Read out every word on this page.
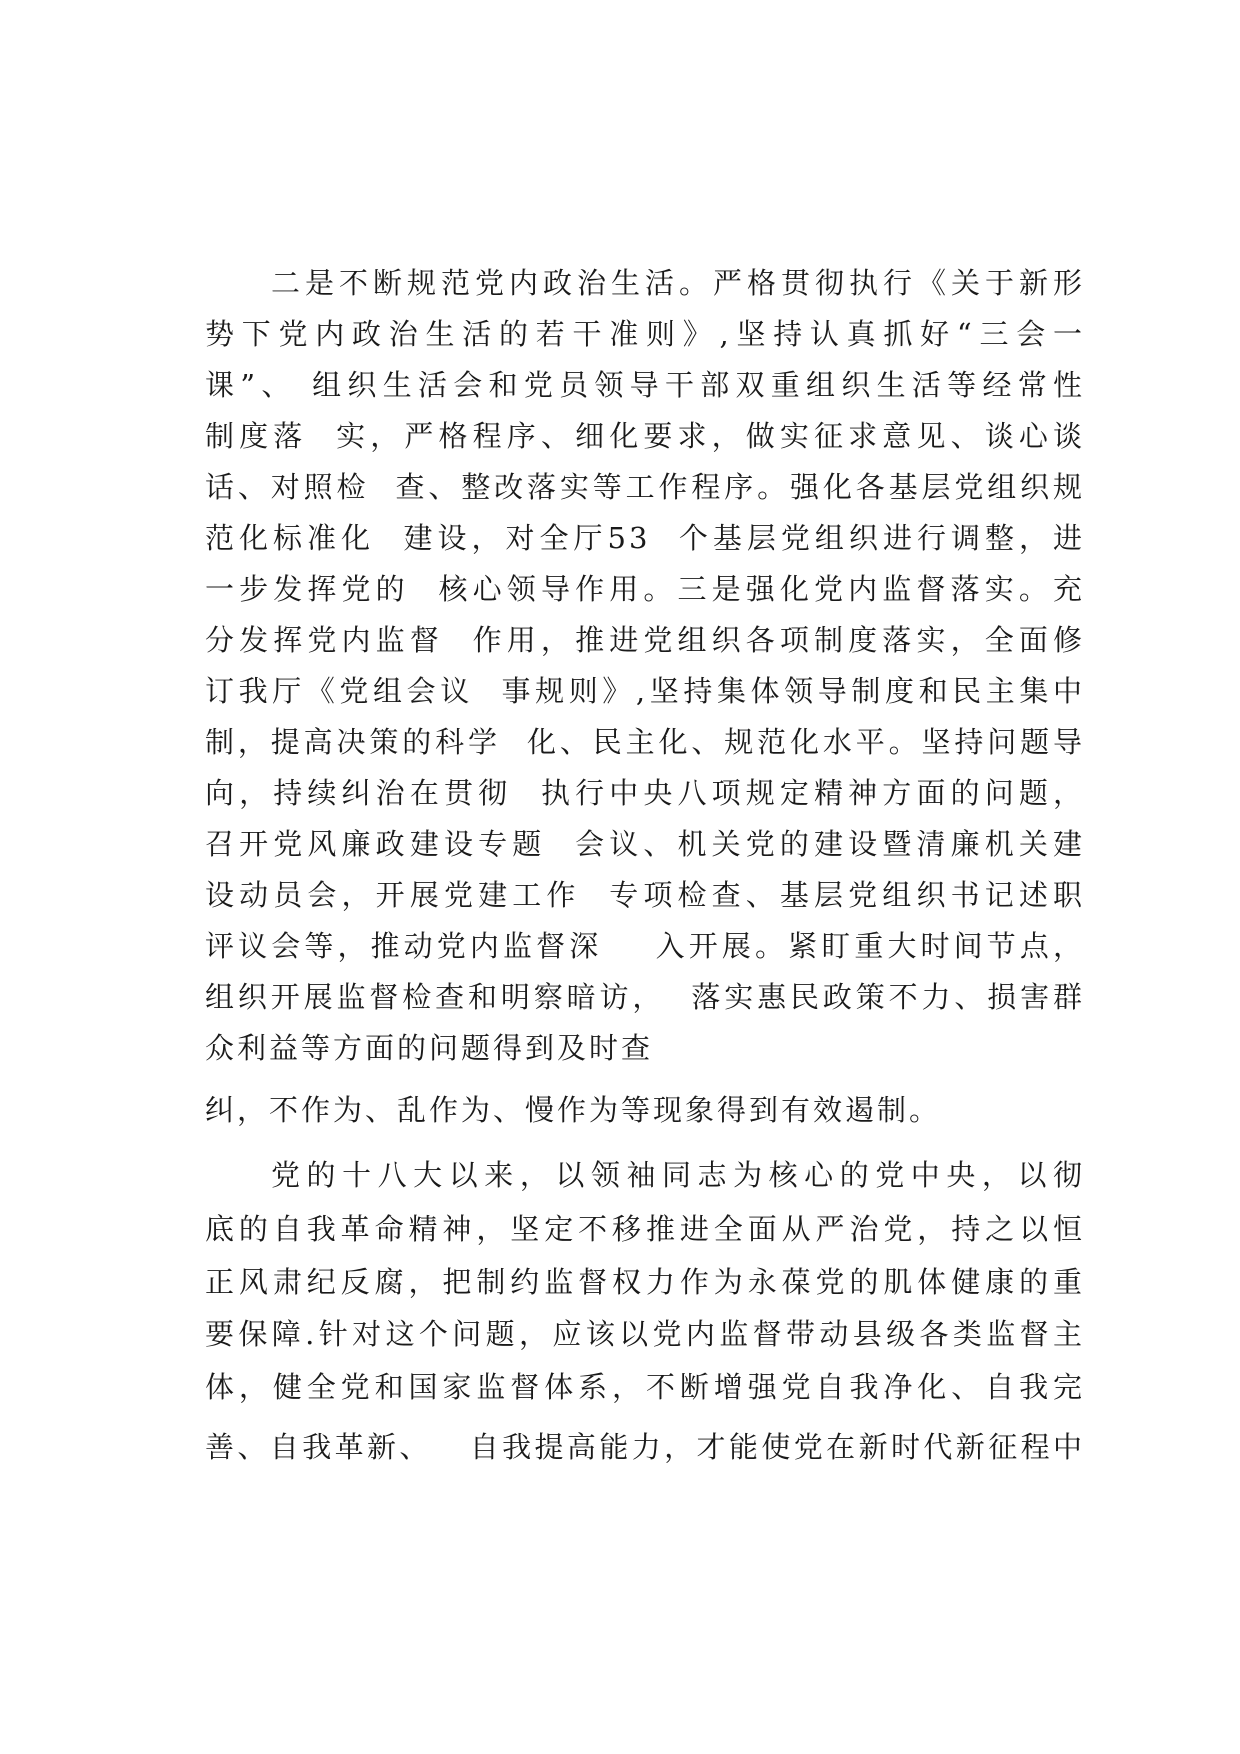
二是不断规范党内政治生活。严格贯彻执行《关于新形
势下党内政治生活的若干准则》,坚持认真抓好“三会一
课”、 组织生活会和党员领导干部双重组织生活等经常性
制度落  实，严格程序、细化要求，做实征求意见、谈心谈
话、对照检  查、整改落实等工作程序。强化各基层党组织规
范化标准化  建设，对全厅53  个基层党组织进行调整，进
一步发挥党的  核心领导作用。三是强化党内监督落实。充
分发挥党内监督  作用，推进党组织各项制度落实，全面修
订我厅《党组会议  事规则》,坚持集体领导制度和民主集中
制，提高决策的科学  化、民主化、规范化水平。坚持问题导
向，持续纠治在贯彻  执行中央八项规定精神方面的问题，
召开党风廉政建设专题  会议、机关党的建设暨清廉机关建
设动员会，开展党建工作  专项检查、基层党组织书记述职
评议会等，推动党内监督深    入开展。紧盯重大时间节点，
组织开展监督检查和明察暗访，  落实惠民政策不力、损害群
众利益等方面的问题得到及时查
纠，不作为、乱作为、慢作为等现象得到有效遏制。
党的十八大以来，以领袖同志为核心的党中央，以彻
底的自我革命精神，坚定不移推进全面从严治党，持之以恒
正风肃纪反腐，把制约监督权力作为永葆党的肌体健康的重
要保障.针对这个问题，应该以党内监督带动县级各类监督主
体，健全党和国家监督体系，不断增强党自我净化、自我完
善、自我革新、   自我提高能力，才能使党在新时代新征程中
